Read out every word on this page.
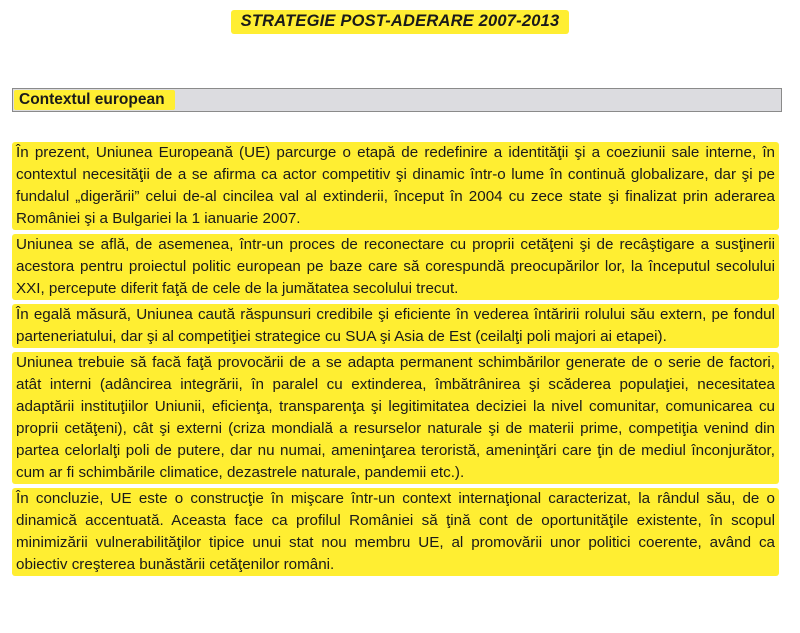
STRATEGIE POST-ADERARE 2007-2013
Contextul european

În prezent, Uniunea Europeană (UE) parcurge o etapă de redefinire a identităţii şi a coeziunii sale interne, în contextul necesităţii de a se afirma ca actor competitiv şi dinamic într-o lume în continuă globalizare, dar şi pe fundalul „digerării” celui de-al cincilea val al extinderii, început în 2004 cu zece state şi finalizat prin aderarea României şi a Bulgariei la 1 ianuarie 2007.

Uniunea se află, de asemenea, într-un proces de reconectare cu proprii cetăţeni şi de recâştigare a susţinerii acestora pentru proiectul politic european pe baze care să corespundă preocupărilor lor, la începutul secolului XXI, percepute diferit faţă de cele de la jumătatea secolului trecut.

În egală măsură, Uniunea caută răspunsuri credibile şi eficiente în vederea întăririi rolului său extern, pe fondul parteneriatului, dar şi al competiţiei strategice cu SUA şi Asia de Est (ceilalţi poli majori ai etapei).

Uniunea trebuie să facă faţă provocării de a se adapta permanent schimbărilor generate de o serie de factori, atât interni (adâncirea integrării, în paralel cu extinderea, îmbătrânirea şi scăderea populaţiei, necesitatea adaptării instituţiilor Uniunii, eficienţa, transparenţa şi legitimitatea deciziei la nivel comunitar, comunicarea cu proprii cetăţeni), cât şi externi (criza mondială a resurselor naturale şi de materii prime, competiţia venind din partea celorlalţi poli de putere, dar nu numai, ameninţarea teroristă, ameninţări care ţin de mediul înconjurător, cum ar fi schimbările climatice, dezastrele naturale, pandemii etc.).

În concluzie, UE este o construcţie în mişcare într-un context internaţional caracterizat, la rândul său, de o dinamică accentuată. Aceasta face ca profilul României să ţină cont de oportunităţile existente, în scopul minimizării vulnerabilităţilor tipice unui stat nou membru UE, al promovării unor politici coerente, având ca obiectiv creşterea bunăstării cetăţenilor români.
